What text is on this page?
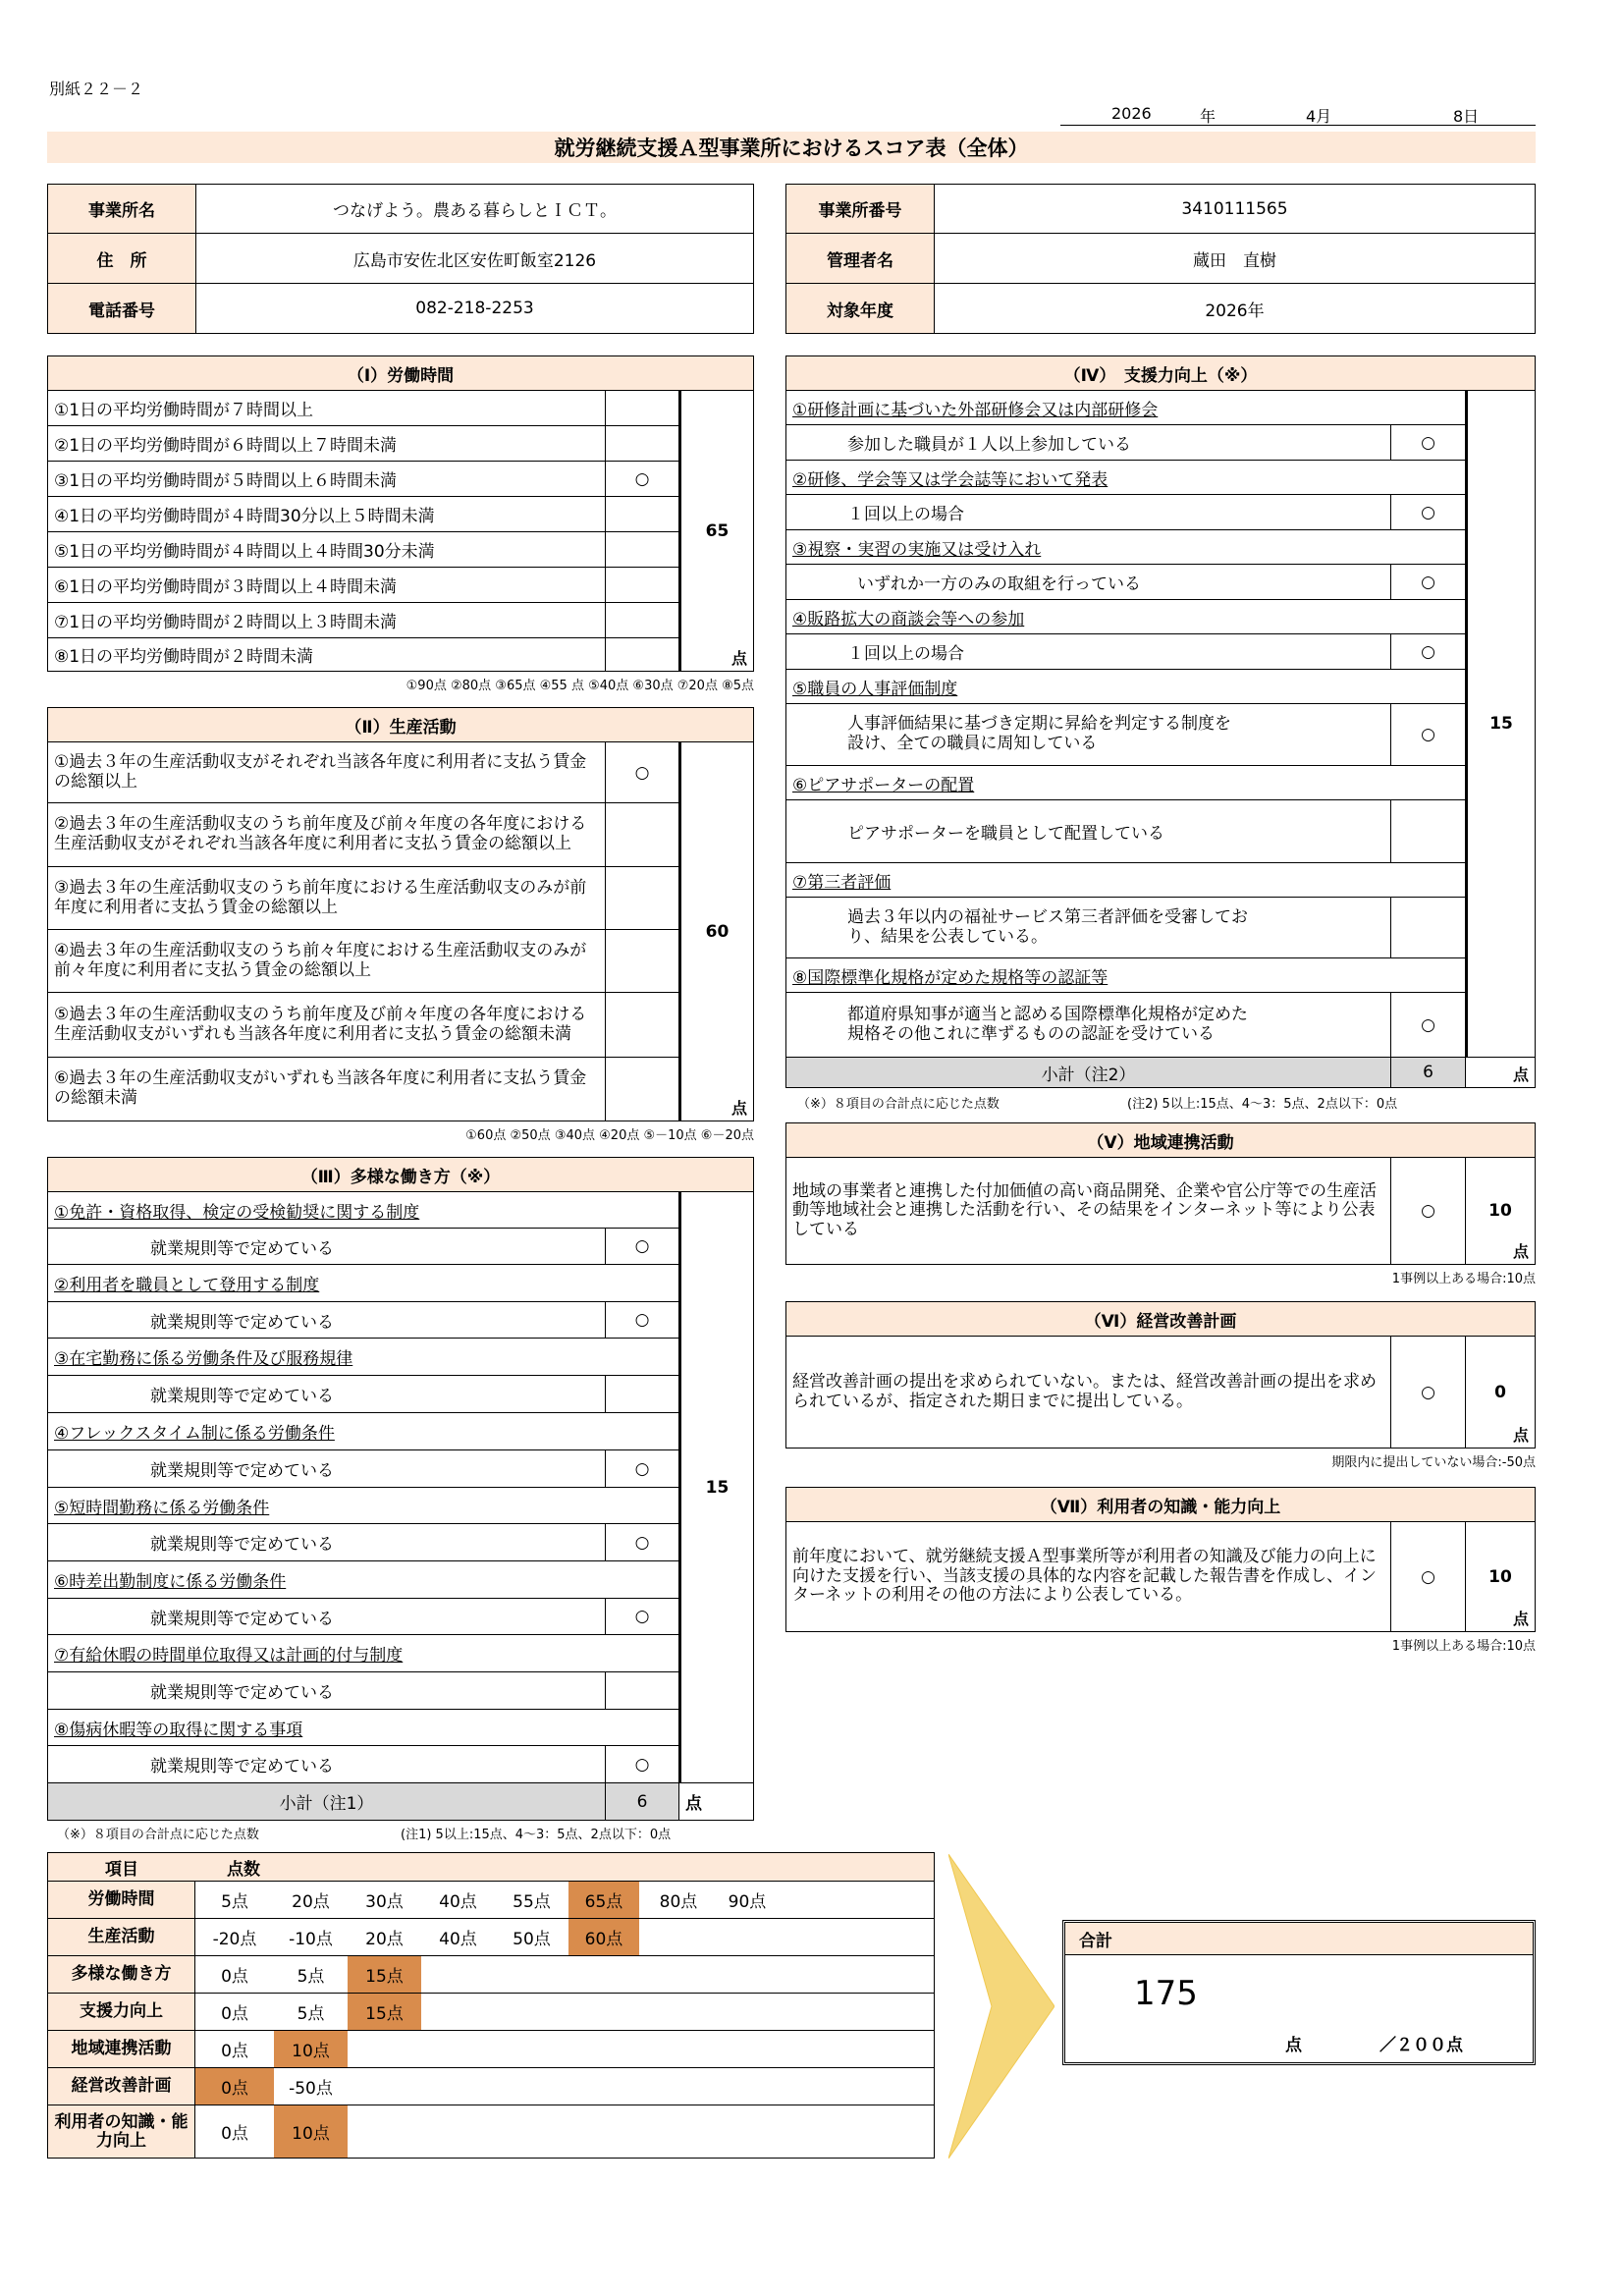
別紙２２－２
2026	年	4月	8日
就労継続支援Ａ型事業所におけるスコア表（全体）
事業所名	つなげよう。農ある暮らしとＩＣＴ。
住　所	広島市安佐北区安佐町飯室2126
電話番号	082-218-2253
事業所番号	3410111565
管理者名	蔵田　直樹
対象年度	2026年
（Ⅰ）労働時間
①1日の平均労働時間が７時間以上
②1日の平均労働時間が６時間以上７時間未満
③1日の平均労働時間が５時間以上６時間未満	○
④1日の平均労働時間が４時間30分以上５時間未満
⑤1日の平均労働時間が４時間以上４時間30分未満
⑥1日の平均労働時間が３時間以上４時間未満
⑦1日の平均労働時間が２時間以上３時間未満
⑧1日の平均労働時間が２時間未満
65
点
①90点 ②80点 ③65点 ④55 点 ⑤40点 ⑥30点 ⑦20点 ⑧5点
（Ⅱ）生産活動
①過去３年の生産活動収支がそれぞれ当該各年度に利用者に支払う賃金の総額以上	○
②過去３年の生産活動収支のうち前年度及び前々年度の各年度における生産活動収支がそれぞれ当該各年度に利用者に支払う賃金の総額以上
③過去３年の生産活動収支のうち前年度における生産活動収支のみが前年度に利用者に支払う賃金の総額以上
④過去３年の生産活動収支のうち前々年度における生産活動収支のみが前々年度に利用者に支払う賃金の総額以上
⑤過去３年の生産活動収支のうち前年度及び前々年度の各年度における生産活動収支がいずれも当該各年度に利用者に支払う賃金の総額未満
⑥過去３年の生産活動収支がいずれも当該各年度に利用者に支払う賃金の総額未満
60
点
①60点 ②50点 ③40点 ④20点 ⑤－10点 ⑥－20点
（Ⅲ）多様な働き方（※）
①免許・資格取得、検定の受検勧奨に関する制度
就業規則等で定めている	○
②利用者を職員として登用する制度
就業規則等で定めている	○
③在宅勤務に係る労働条件及び服務規律
就業規則等で定めている
④フレックスタイム制に係る労働条件
就業規則等で定めている	○
⑤短時間勤務に係る労働条件
就業規則等で定めている	○
⑥時差出勤制度に係る労働条件
就業規則等で定めている	○
⑦有給休暇の時間単位取得又は計画的付与制度
就業規則等で定めている
⑧傷病休暇等の取得に関する事項
就業規則等で定めている	○
小計（注1）	6	点
15
（※）８項目の合計点に応じた点数	(注1) 5以上:15点、4～3：5点、2点以下：0点
（Ⅳ）　支援力向上（※）
①研修計画に基づいた外部研修会又は内部研修会
参加した職員が１人以上参加している	○
②研修、学会等又は学会誌等において発表
１回以上の場合	○
③視察・実習の実施又は受け入れ
いずれか一方のみの取組を行っている	○
④販路拡大の商談会等への参加
１回以上の場合	○
⑤職員の人事評価制度
人事評価結果に基づき定期に昇給を判定する制度を設け、全ての職員に周知している	○
⑥ピアサポーターの配置
ピアサポーターを職員として配置している
⑦第三者評価
過去３年以内の福祉サービス第三者評価を受審しており、結果を公表している。
⑧国際標準化規格が定めた規格等の認証等
都道府県知事が適当と認める国際標準化規格が定めた規格その他これに準ずるものの認証を受けている	○
小計（注2）	6	点
15
（※）８項目の合計点に応じた点数	(注2) 5以上:15点、4～3：5点、2点以下：0点
（Ⅴ）地域連携活動
地域の事業者と連携した付加価値の高い商品開発、企業や官公庁等での生産活動等地域社会と連携した活動を行い、その結果をインターネット等により公表している
○	10
点
1事例以上ある場合:10点
（Ⅵ）経営改善計画
経営改善計画の提出を求められていない。または、経営改善計画の提出を求められているが、指定された期日までに提出している。	○	0
点
期限内に提出していない場合:-50点
（Ⅶ）利用者の知識・能力向上
前年度において、就労継続支援Ａ型事業所等が利用者の知識及び能力の向上に向けた支援を行い、当該支援の具体的な内容を記載した報告書を作成し、インターネットの利用その他の方法により公表している。
○	10
点
1事例以上ある場合:10点
項目	点数
労働時間	5点	20点	30点	40点	55点	65点	80点	90点
生産活動	-20点	-10点	20点	40点	50点	60点
多様な働き方	0点	5点	15点
支援力向上	0点	5点	15点
地域連携活動	0点	10点
経営改善計画	0点	-50点
利用者の知識・能力向上	0点	10点
合計
175
点	／２００点
